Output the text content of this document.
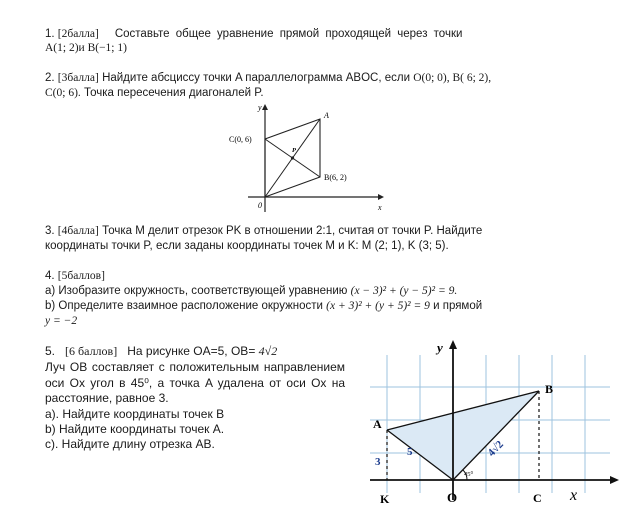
1. [2балла] Составьте общее уравнение прямой проходящей через точки
A(1; 2)и B(−1; 1)
2. [3балла] Найдите абсциссу точки A параллелограмма ABOC, если O(0; 0), B( 6; 2),
C(0; 6). Точка пересечения диагоналей P.
y
x
C(0, 6)
A
P
B(6, 2)
0
3. [4балла] Точка M делит отрезок PK в отношении 2:1, считая от точки P. Найдите
координаты точки P, если заданы координаты точек M и K: M (2; 1), K (3; 5).
4. [5баллов]
a) Изобразите окружность, соответствующей уравнению (x − 3)² + (y − 5)² = 9.
b) Определите взаимное расположение окружности (x + 3)² + (y + 5)² = 9 и прямой
y = −2
5. [6 баллов] На рисунке OA=5, OB= 4√2
Луч OB составляет с положительным направлением оси Ox угол в 45⁰, а точка A удалена от оси Ox на расстояние, равное 3.
a). Найдите координаты точек B
b) Найдите координаты точек A.
c). Найдите длину отрезка AB.
y
x
A
B
K	O	C
3
5	4√2
45⁰
